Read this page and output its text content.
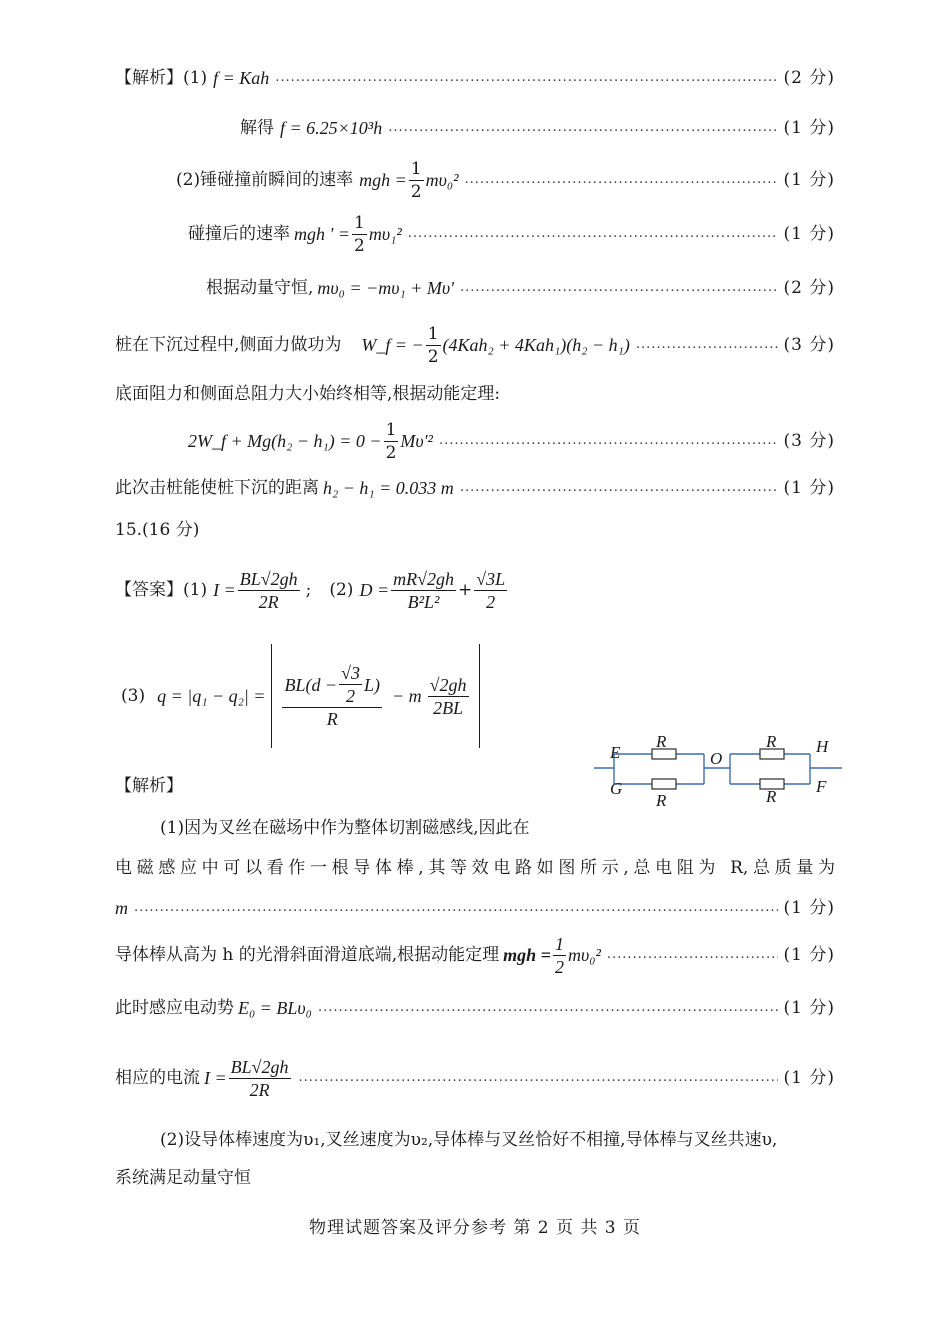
【解析】(1) f = Kah .....	(2 分)
解得 f = 6.25×10³h .....	(1 分)
(2)锤碰撞前瞬间的速率 mgh = $\frac{1}{2} m\upsilon_0^2$ .....	(1 分)
碰撞后的速率 mgh ' = $\frac{1}{2} m\upsilon_1^2$ .....	(1 分)
根据动量守恒, mυ₀ = −mυ₁ + Mυ' .....	(2 分)
桩在下沉过程中,侧面力做功为 W_f = − $\frac{1}{2} (4Kah_2 + 4Kah_1)(h_2 - h_1)$ .....	(3 分)
底面阻力和侧面总阻力大小始终相等,根据动能定理:
2W_f + $Mg(h_2 - h_1) = 0 - \frac{1}{2} M\upsilon'^2$ .....	(3 分)
此次击桩能使桩下沉的距离 h₂ − h₁ = 0.033 m .....	(1 分)
15.(16 分)
【答案】(1) $I = \frac{BL√2gh}{2R}$ ; (2) $D = \frac{mR√2gh}{\text{B²L²}} + \frac{√3L}{2}$
(3) $q = |q_1 - q_2| = \frac{BL(d - \frac{√3}{2} L)}{R} - m \frac{√2gh}{2BL}$
【解析】
E
G
R
R
O
R
R
H
F
(1)因为叉丝在磁场中作为整体切割磁感线,因此在
电磁感应中可以看作一根导体棒,其等效电路如图所示,总电阻为 R,总质量为
m .....	(1 分)
导体棒从高为 h 的光滑斜面滑道底端,根据动能定理 mgh = $\frac{1}{2} m\upsilon_0^2$ .....	(1 分)
此时感应电动势 E₀ = BLυ₀ .....	(1 分)
相应的电流 $I = \frac{BL√2gh}{2R}$ .....	(1 分)
(2)设导体棒速度为υ₁,叉丝速度为υ₂,导体棒与叉丝恰好不相撞,导体棒与叉丝共速υ,
系统满足动量守恒
物理试题答案及评分参考 第 2 页 共 3 页
